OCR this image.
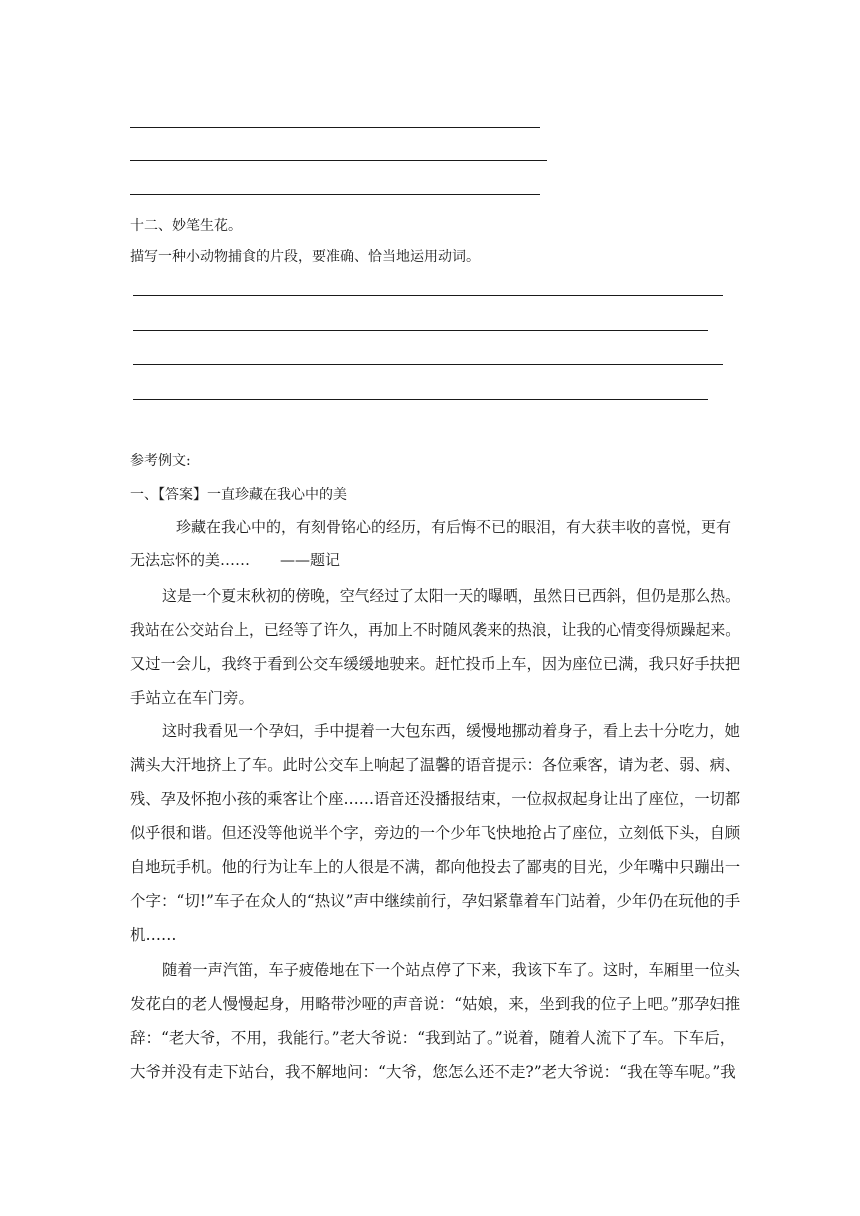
十二、妙笔生花。
描写一种小动物捕食的片段，要准确、恰当地运用动词。
参考例文:
一、【答案】一直珍藏在我心中的美
珍藏在我心中的，有刻骨铭心的经历，有后悔不已的眼泪，有大获丰收的喜悦，更有
无法忘怀的美……　　——题记
这是一个夏末秋初的傍晚，空气经过了太阳一天的曝晒，虽然日已西斜，但仍是那么热。
我站在公交站台上，已经等了许久，再加上不时随风袭来的热浪，让我的心情变得烦躁起来。
又过一会儿，我终于看到公交车缓缓地驶来。赶忙投币上车，因为座位已满，我只好手扶把
手站立在车门旁。
这时我看见一个孕妇，手中提着一大包东西，缓慢地挪动着身子，看上去十分吃力，她
满头大汗地挤上了车。此时公交车上响起了温馨的语音提示：各位乘客，请为老、弱、病、
残、孕及怀抱小孩的乘客让个座……语音还没播报结束，一位叔叔起身让出了座位，一切都
似乎很和谐。但还没等他说半个字，旁边的一个少年飞快地抢占了座位，立刻低下头，自顾
自地玩手机。他的行为让车上的人很是不满，都向他投去了鄙夷的目光，少年嘴中只蹦出一
个字：“切!”车子在众人的“热议”声中继续前行，孕妇紧靠着车门站着，少年仍在玩他的手
机……
随着一声汽笛，车子疲倦地在下一个站点停了下来，我该下车了。这时，车厢里一位头
发花白的老人慢慢起身，用略带沙哑的声音说：“姑娘，来，坐到我的位子上吧。”那孕妇推
辞：“老大爷，不用，我能行。”老大爷说：“我到站了。”说着，随着人流下了车。下车后，
大爷并没有走下站台，我不解地问：“大爷，您怎么还不走?”老大爷说：“我在等车呢。”我
